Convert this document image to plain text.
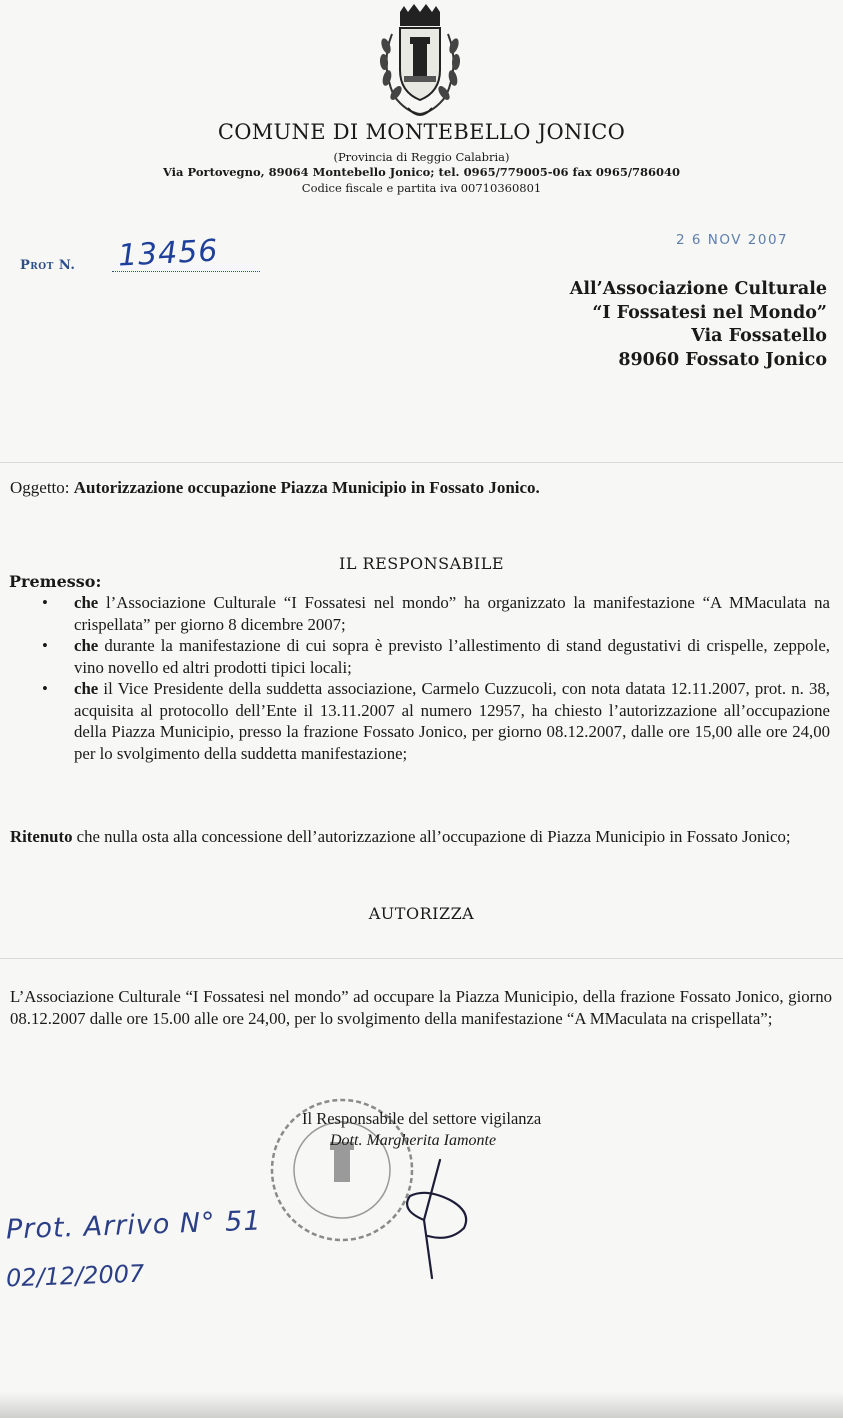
COMUNE DI MONTEBELLO JONICO
(Provincia di Reggio Calabria)
Via Portovegno, 89064 Montebello Jonico; tel. 0965/779005-06 fax 0965/786040
Codice fiscale e partita iva 00710360801
2 6 NOV 2007
Prot N. 13456
All’Associazione Culturale
“I Fossatesi nel Mondo”
Via Fossatello
89060 Fossato Jonico
Oggetto: Autorizzazione occupazione Piazza Municipio in Fossato Jonico.
IL RESPONSABILE
Premesso:
• che l’Associazione Culturale “I Fossatesi nel mondo” ha organizzato la manifestazione “A MMaculata na crispellata” per giorno 8 dicembre 2007;
• che durante la manifestazione di cui sopra è previsto l’allestimento di stand degustativi di crispelle, zeppole, vino novello ed altri prodotti tipici locali;
• che il Vice Presidente della suddetta associazione, Carmelo Cuzzucoli, con nota datata 12.11.2007, prot. n. 38, acquisita al protocollo dell’Ente il 13.11.2007 al numero 12957, ha chiesto l’autorizzazione all’occupazione della Piazza Municipio, presso la frazione Fossato Jonico, per giorno 08.12.2007, dalle ore 15,00 alle ore 24,00 per lo svolgimento della suddetta manifestazione;
Ritenuto che nulla osta alla concessione dell’autorizzazione all’occupazione di Piazza Municipio in Fossato Jonico;
AUTORIZZA
L’Associazione Culturale “I Fossatesi nel mondo” ad occupare la Piazza Municipio, della frazione Fossato Jonico, giorno 08.12.2007 dalle ore 15.00 alle ore 24,00, per lo svolgimento della manifestazione “A MMaculata na crispellata”;
Il Responsabile del settore vigilanza
Dott. Margherita Iamonte
Prot. Arrivo N° 51
02/12/2007
